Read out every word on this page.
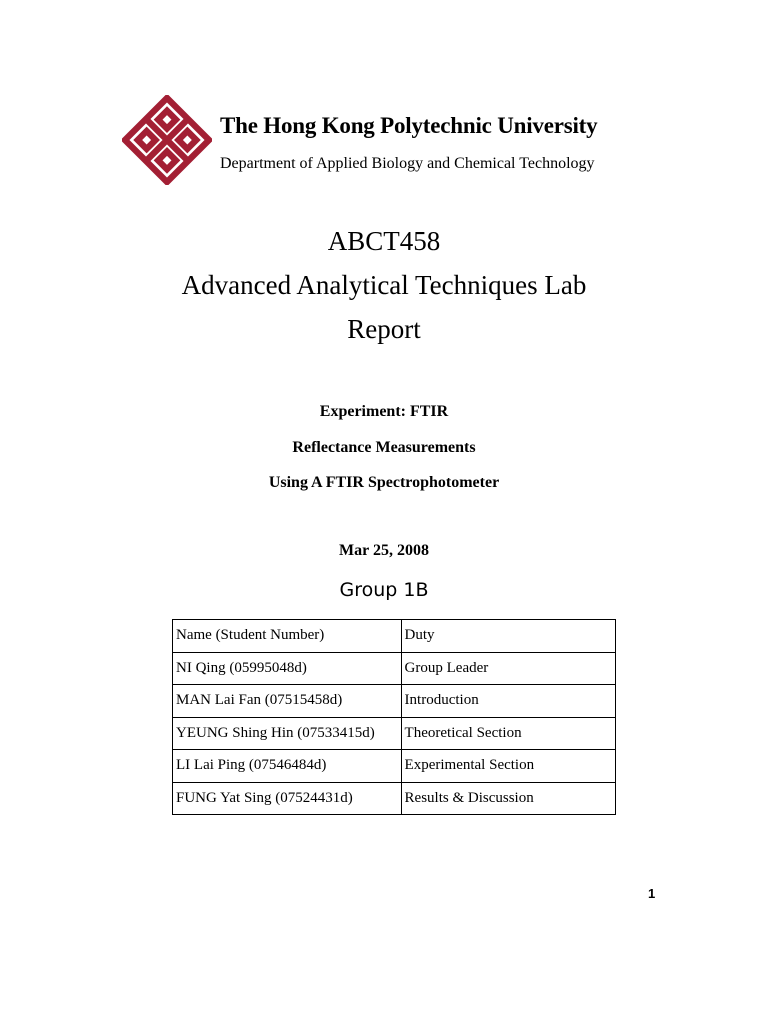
The Hong Kong Polytechnic University
Department of Applied Biology and Chemical Technology
ABCT458
Advanced Analytical Techniques Lab
Report
Experiment: FTIR
Reflectance Measurements
Using A FTIR Spectrophotometer
Mar 25, 2008
Group 1B
Name (Student Number)	Duty
NI Qing (05995048d)	Group Leader
MAN Lai Fan (07515458d)	Introduction
YEUNG Shing Hin (07533415d)	Theoretical Section
LI Lai Ping (07546484d)	Experimental Section
FUNG Yat Sing (07524431d)	Results & Discussion
1
